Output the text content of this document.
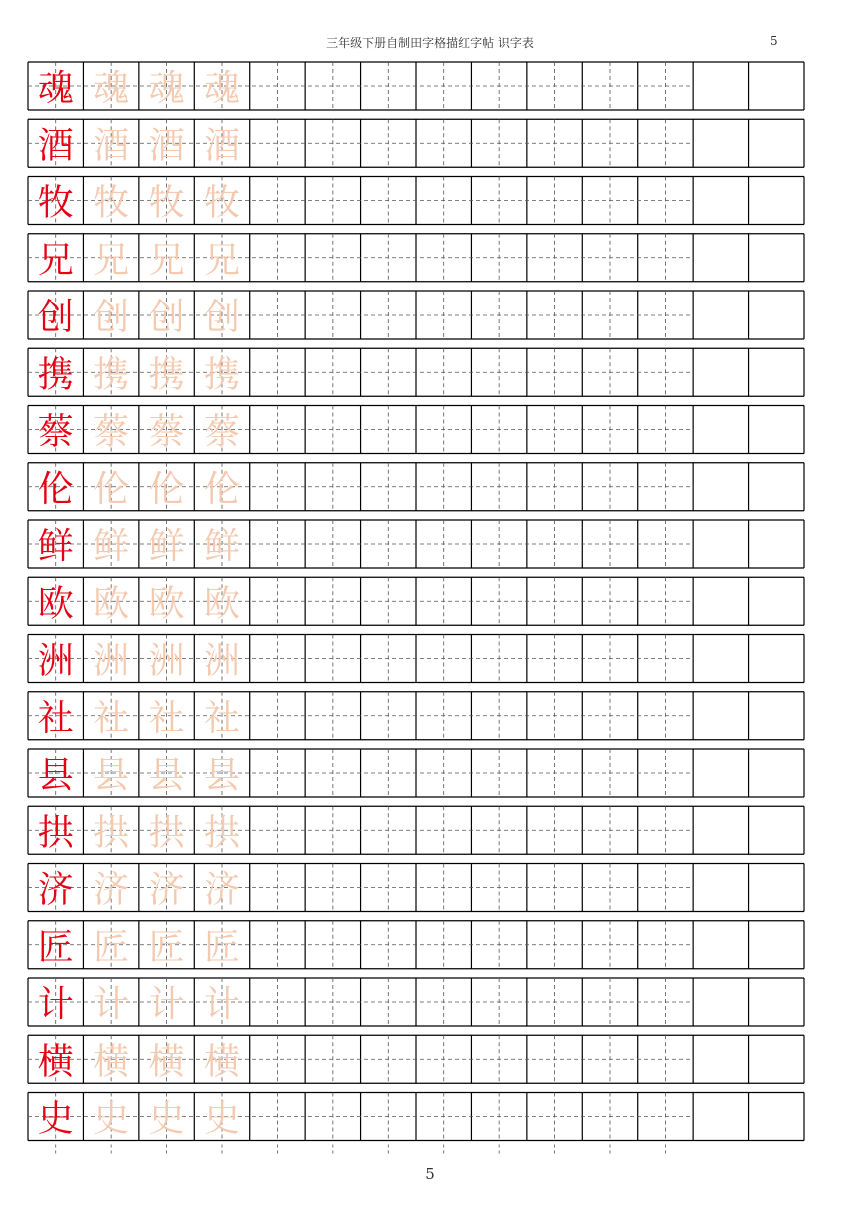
三年级下册自制田字格描红字帖 识字表	5
魂 魂 魂 魂
酒 酒 酒 酒
牧 牧 牧 牧
兄 兄 兄 兄
创 创 创 创
携 携 携 携
蔡 蔡 蔡 蔡
伦 伦 伦 伦
鲜 鲜 鲜 鲜
欧 欧 欧 欧
洲 洲 洲 洲
社 社 社 社
县 县 县 县
拱 拱 拱 拱
济 济 济 济
匠 匠 匠 匠
计 计 计 计
横 横 横 横
史 史 史 史
5
